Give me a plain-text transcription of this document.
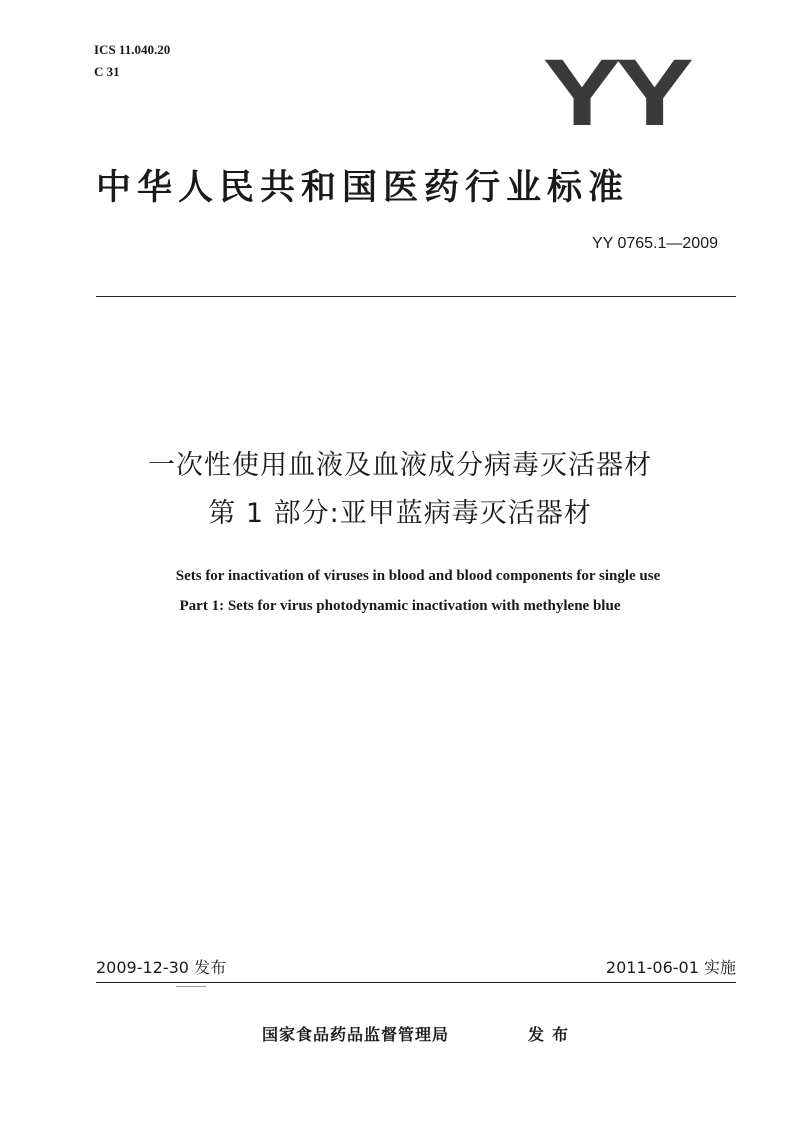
ICS 11.040.20
C 31	YY
中华人民共和国医药行业标准
YY 0765.1—2009
一次性使用血液及血液成分病毒灭活器材
第 1 部分:亚甲蓝病毒灭活器材
Sets for inactivation of viruses in blood and blood components for single use
Part 1: Sets for virus photodynamic inactivation with methylene blue
2009-12-30 发布	2011-06-01 实施
国家食品药品监督管理局	发布
